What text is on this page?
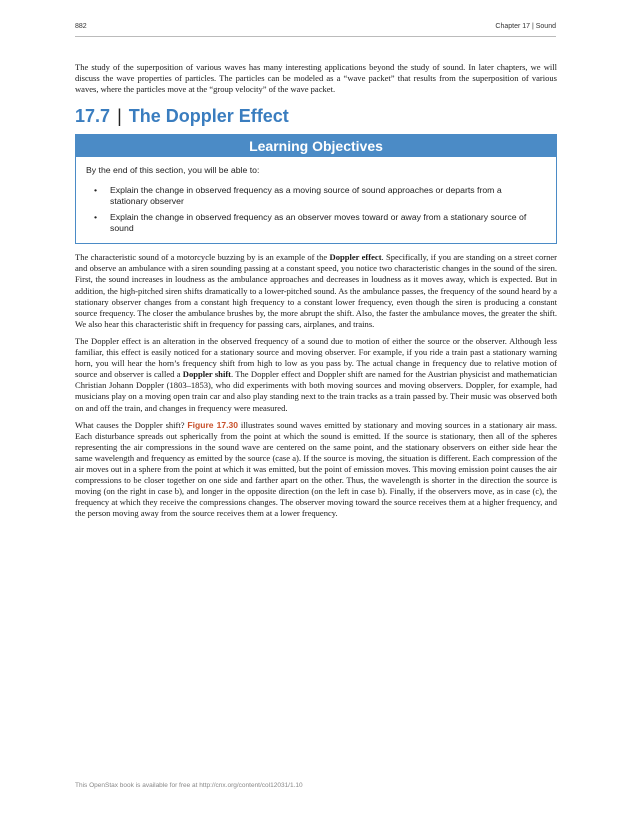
882	Chapter 17 | Sound

The study of the superposition of various waves has many interesting applications beyond the study of sound. In later chapters, we will discuss the wave properties of particles. The particles can be modeled as a “wave packet” that results from the superposition of various waves, where the particles move at the “group velocity” of the wave packet.

17.7 | The Doppler Effect
Learning Objectives

By the end of this section, you will be able to:

• Explain the change in observed frequency as a moving source of sound approaches or departs from a stationary observer
• Explain the change in observed frequency as an observer moves toward or away from a stationary source of sound

The characteristic sound of a motorcycle buzzing by is an example of the Doppler effect. Specifically, if you are standing on a street corner and observe an ambulance with a siren sounding passing at a constant speed, you notice two characteristic changes in the sound of the siren. First, the sound increases in loudness as the ambulance approaches and decreases in loudness as it moves away, which is expected. But in addition, the high-pitched siren shifts dramatically to a lower-pitched sound. As the ambulance passes, the frequency of the sound heard by a stationary observer changes from a constant high frequency to a constant lower frequency, even though the siren is producing a constant source frequency. The closer the ambulance brushes by, the more abrupt the shift. Also, the faster the ambulance moves, the greater the shift. We also hear this characteristic shift in frequency for passing cars, airplanes, and trains.

The Doppler effect is an alteration in the observed frequency of a sound due to motion of either the source or the observer. Although less familiar, this effect is easily noticed for a stationary source and moving observer. For example, if you ride a train past a stationary warning horn, you will hear the horn’s frequency shift from high to low as you pass by. The actual change in frequency due to relative motion of source and observer is called a Doppler shift. The Doppler effect and Doppler shift are named for the Austrian physicist and mathematician Christian Johann Doppler (1803–1853), who did experiments with both moving sources and moving observers. Doppler, for example, had musicians play on a moving open train car and also play standing next to the train tracks as a train passed by. Their music was observed both on and off the train, and changes in frequency were measured.

What causes the Doppler shift? Figure 17.30 illustrates sound waves emitted by stationary and moving sources in a stationary air mass. Each disturbance spreads out spherically from the point at which the sound is emitted. If the source is stationary, then all of the spheres representing the air compressions in the sound wave are centered on the same point, and the stationary observers on either side hear the same wavelength and frequency as emitted by the source (case a). If the source is moving, the situation is different. Each compression of the air moves out in a sphere from the point at which it was emitted, but the point of emission moves. This moving emission point causes the air compressions to be closer together on one side and farther apart on the other. Thus, the wavelength is shorter in the direction the source is moving (on the right in case b), and longer in the opposite direction (on the left in case b). Finally, if the observers move, as in case (c), the frequency at which they receive the compressions changes. The observer moving toward the source receives them at a higher frequency, and the person moving away from the source receives them at a lower frequency.

This OpenStax book is available for free at http://cnx.org/content/col12031/1.10
